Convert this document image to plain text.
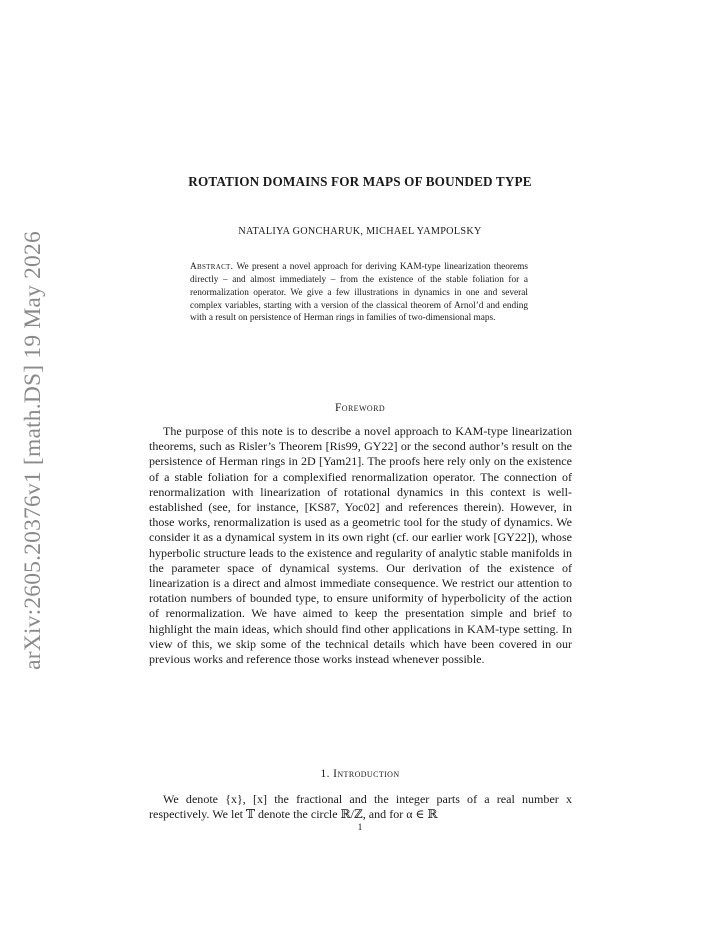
arXiv:2605.20376v1 [math.DS] 19 May 2026
ROTATION DOMAINS FOR MAPS OF BOUNDED TYPE
NATALIYA GONCHARUK, MICHAEL YAMPOLSKY
Abstract. We present a novel approach for deriving KAM-type linearization theorems directly – and almost immediately – from the existence of the stable foliation for a renormalization operator. We give a few illustrations in dynamics in one and several complex variables, starting with a version of the classical theorem of Arnol’d and ending with a result on persistence of Herman rings in families of two-dimensional maps.
Foreword

The purpose of this note is to describe a novel approach to KAM-type linearization theorems, such as Risler’s Theorem [Ris99, GY22] or the second author’s result on the persistence of Herman rings in 2D [Yam21]. The proofs here rely only on the existence of a stable foliation for a complexified renormalization operator. The connection of renormalization with linearization of rotational dynamics in this context is well-established (see, for instance, [KS87, Yoc02] and references therein). However, in those works, renormalization is used as a geometric tool for the study of dynamics. We consider it as a dynamical system in its own right (cf. our earlier work [GY22]), whose hyperbolic structure leads to the existence and regularity of analytic stable manifolds in the parameter space of dynamical systems. Our derivation of the existence of linearization is a direct and almost immediate consequence. We restrict our attention to rotation numbers of bounded type, to ensure uniformity of hyperbolicity of the action of renormalization. We have aimed to keep the presentation simple and brief to highlight the main ideas, which should find other applications in KAM-type setting. In view of this, we skip some of the technical details which have been covered in our previous works and reference those works instead whenever possible.

1. Introduction

We denote {x}, [x] the fractional and the integer parts of a real number x respectively. We let 𝕋 denote the circle ℝ/ℤ, and for α ∈ ℝ

1
